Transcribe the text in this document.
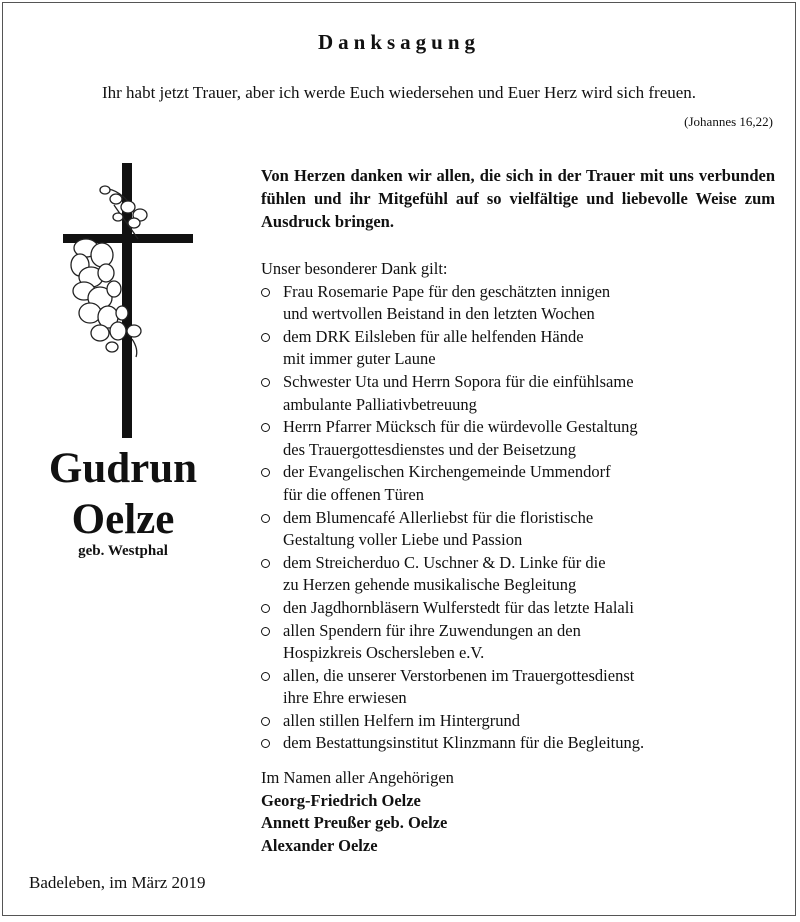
Danksagung
Ihr habt jetzt Trauer, aber ich werde Euch wiedersehen und Euer Herz wird sich freuen.
(Johannes 16,22)
Gudrun
Oelze
geb. Westphal
Von Herzen danken wir allen, die sich in der Trauer mit uns verbunden fühlen und ihr Mitgefühl auf so vielfältige und liebevolle Weise zum Ausdruck bringen.
Unser besonderer Dank gilt:
Frau Rosemarie Pape für den geschätzten innigen
und wertvollen Beistand in den letzten Wochen
dem DRK Eilsleben für alle helfenden Hände
mit immer guter Laune
Schwester Uta und Herrn Sopora für die einfühlsame
ambulante Palliativbetreuung
Herrn Pfarrer Mücksch für die würdevolle Gestaltung
des Trauergottesdienstes und der Beisetzung
der Evangelischen Kirchengemeinde Ummendorf
für die offenen Türen
dem Blumencafé Allerliebst für die floristische
Gestaltung voller Liebe und Passion
dem Streicherduo C. Uschner & D. Linke für die
zu Herzen gehende musikalische Begleitung
den Jagdhornbläsern Wulferstedt für das letzte Halali
allen Spendern für ihre Zuwendungen an den
Hospizkreis Oschersleben e.V.
allen, die unserer Verstorbenen im Trauergottesdienst
ihre Ehre erwiesen
allen stillen Helfern im Hintergrund
dem Bestattungsinstitut Klinzmann für die Begleitung.
Im Namen aller Angehörigen
Georg-Friedrich Oelze
Annett Preußer geb. Oelze
Alexander Oelze
Badeleben, im März 2019
